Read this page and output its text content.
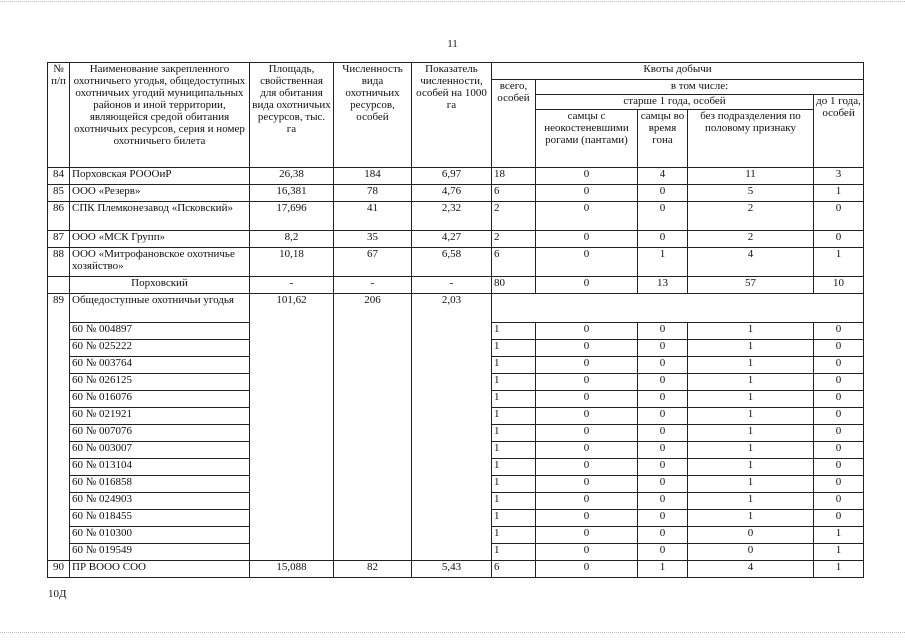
11
№ п/п	Наименование закрепленного охотничьего угодья, общедоступных охотничьих угодий муниципальных районов и иной территории, являющейся средой обитания охотничьих ресурсов, серия и номер охотничьего билета	Площадь, свойственная для обитания вида охотничьих ресурсов, тыс. га	Численность вида охотничьих ресурсов, особей	Показатель численности, особей на 1000 га	Квоты добычи				
					всего, особей	в том числе:			
						старше 1 года, особей			до 1 года, особей
						самцы с неокостеневшими рогами (пантами)	самцы во время гона	без подразделения по половому признаку	
84	Порховская РОООиР	26,38	184	6,97	18	0	4	11	3
85	ООО «Резерв»	16,381	78	4,76	6	0	0	5	1
86	СПК Племконезавод «Псковский»	17,696	41	2,32	2	0	0	2	0
87	ООО «МСК Групп»	8,2	35	4,27	2	0	0	2	0
88	ООО «Митрофановское охотничье хозяйство»	10,18	67	6,58	6	0	1	4	1
	Порховский	-	-	-	80	0	13	57	10
89	Общедоступные охотничьи угодья	101,62	206	2,03					
	60 № 004897				1	0	0	1	0
	60 № 025222				1	0	0	1	0
	60 № 003764				1	0	0	1	0
	60 № 026125				1	0	0	1	0
	60 № 016076				1	0	0	1	0
	60 № 021921				1	0	0	1	0
	60 № 007076				1	0	0	1	0
	60 № 003007				1	0	0	1	0
	60 № 013104				1	0	0	1	0
	60 № 016858				1	0	0	1	0
	60 № 024903				1	0	0	1	0
	60 № 018455				1	0	0	1	0
	60 № 010300				1	0	0	0	1
	60 № 019549				1	0	0	0	1
90	ПР ВООО СОО	15,088	82	5,43	6	0	1	4	1
10Д
